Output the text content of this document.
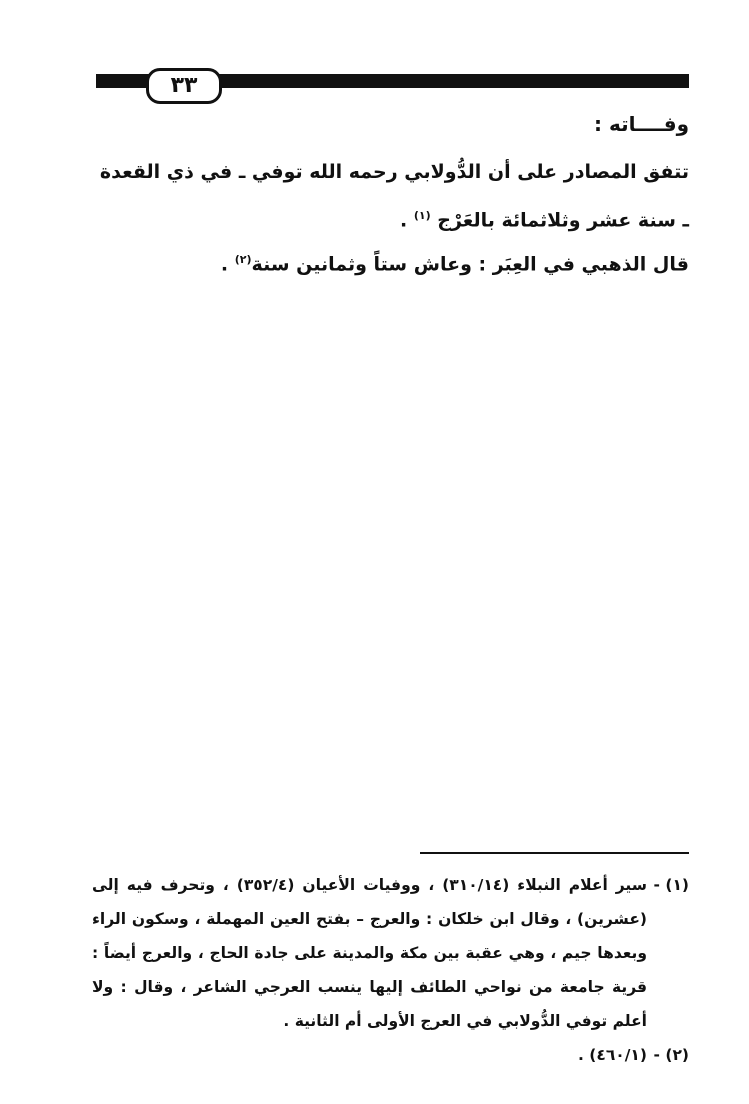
٣٣
وفــــاته :
تتفق المصادر على أن الدُّولابي رحمه الله توفي ـ في ذي القعدة ـ سنة عشر وثلاثمائة بالعَرْج $^{(١)}$ .
قال الذهبي في العِبَر : وعاش ستاً وثمانين سنة$^{(٢)}$ .
(١) -
سير أعلام النبلاء (٣١٠/١٤) ، ووفيات الأعيان (٣٥٢/٤) ، وتحرف فيه إلى (عشرين) ، وقال ابن خلكان : والعرج – بفتح العين المهملة ، وسكون الراء وبعدها جيم ، وهي عقبة بين مكة والمدينة على جادة الحاج ، والعرج أيضاً : قرية جامعة من نواحي الطائف إليها ينسب العرجي الشاعر ، وقال : ولا أعلم توفي الدُّولابي في العرج الأولى أم الثانية .
(٢) -
(٤٦٠/١) .
